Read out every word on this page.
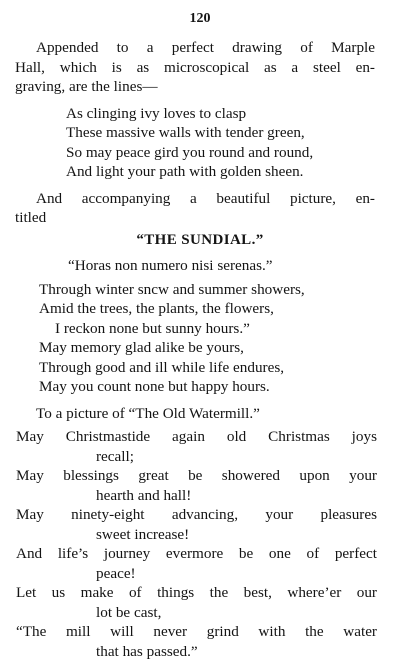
120
Appended to a perfect drawing of Marple
Hall, which is as microscopical as a steel en-
graving, are the lines—
As clinging ivy loves to clasp
These massive walls with tender green,
So may peace gird you round and round,
And light your path with golden sheen.
And accompanying a beautiful picture, en-
titled
“THE SUNDIAL.”
“Horas non numero nisi serenas.”
Through winter sncw and summer showers,
Amid the trees, the plants, the flowers,
I reckon none but sunny hours.”
May memory glad alike be yours,
Through good and ill while life endures,
May you count none but happy hours.
To a picture of “The Old Watermill.”
May Christmastide again old Christmas joys
recall;
May blessings great be showered upon your
hearth and hall!
May ninety-eight advancing, your pleasures
sweet increase!
And life’s journey evermore be one of perfect
peace!
Let us make of things the best, where’er our
lot be cast,
“The mill will never grind with the water
that has passed.”
